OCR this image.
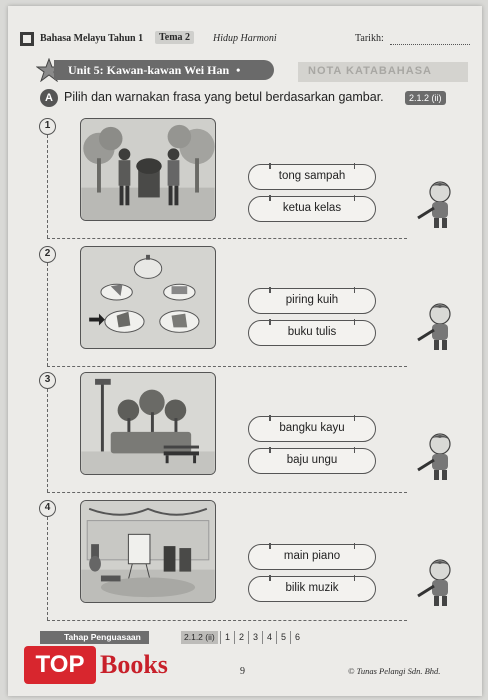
Bahasa Melayu Tahun 1	Tema 2	Hidup Harmoni	Tarikh:
Unit 5: Kawan-kawan Wei Han •	NOTA KATABAHASA
A Pilih dan warnakan frasa yang betul berdasarkan gambar.	2.1.2 (ii)
1
tong sampah
ketua kelas
2
piring kuih
buku tulis
3
bangku kayu
baju ungu
4
main piano
bilik muzik
Tahap Penguasaan	2.1.2 (ii)	1 2 3 4 5 6
9	© Tunas Pelangi Sdn. Bhd.
TOP Books
